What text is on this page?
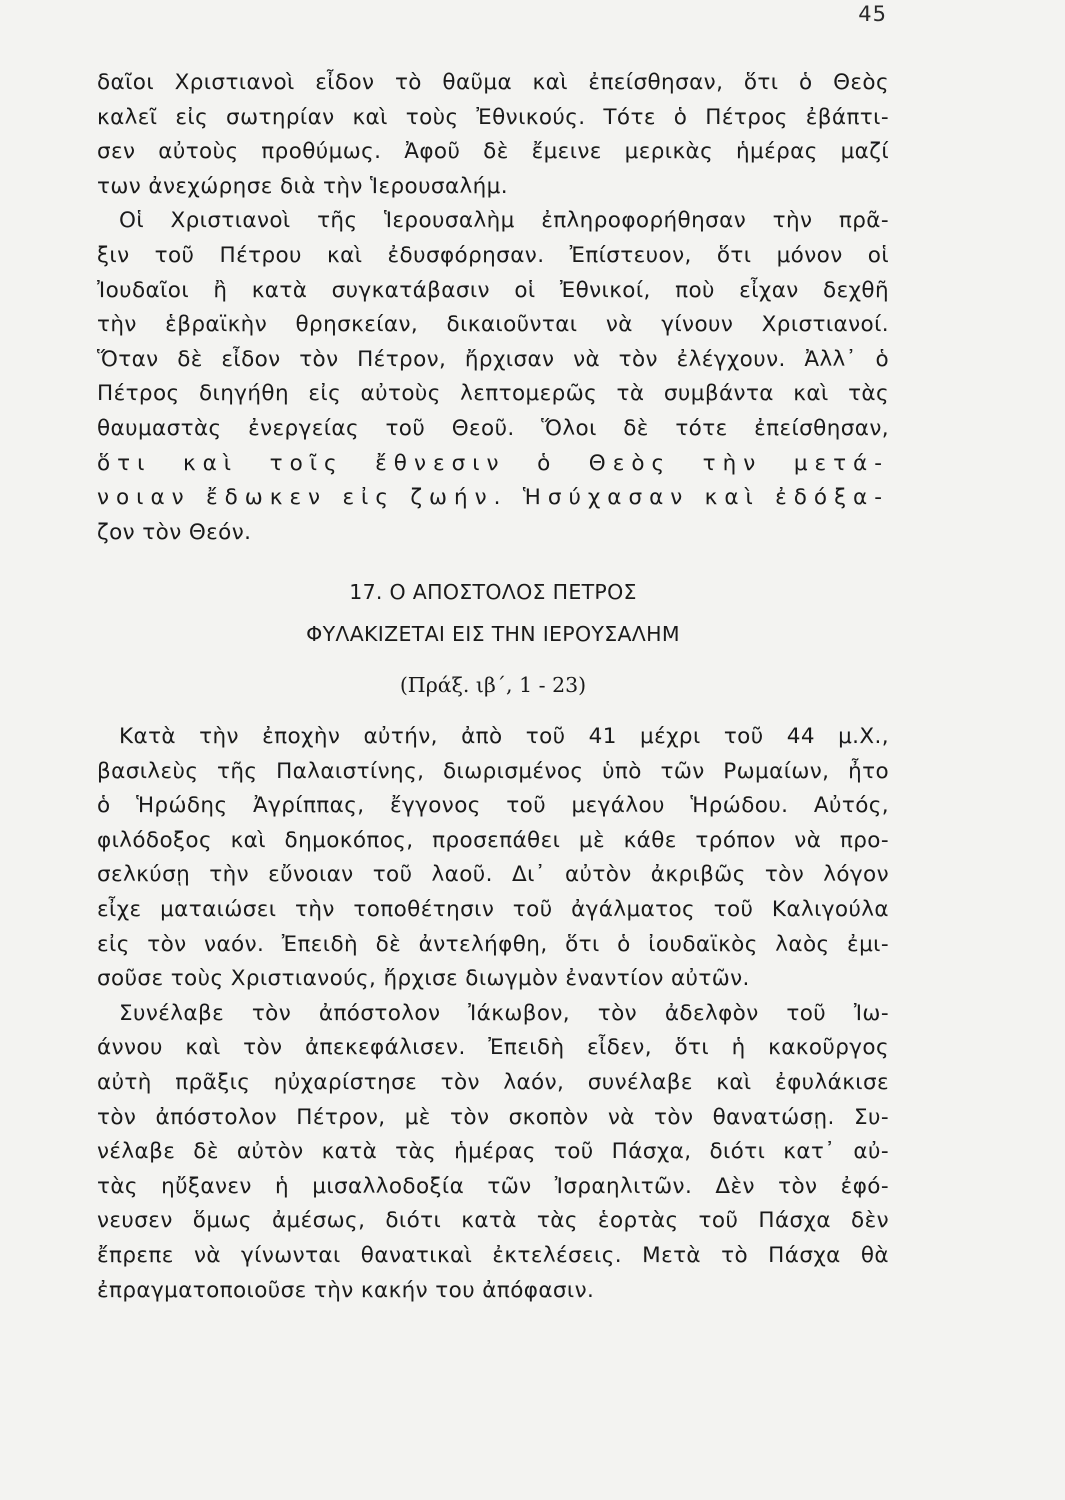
45
δαῖοι Χριστιανοὶ εἶδον τὸ θαῦμα καὶ ἐπείσθησαν, ὅτι ὁ Θεὸς
καλεῖ εἰς σωτηρίαν καὶ τοὺς Ἐθνικούς. Τότε ὁ Πέτρος ἐβάπτι-
σεν αὐτοὺς προθύμως. Ἀφοῦ δὲ ἔμεινε μερικὰς ἡμέρας μαζί
των ἀνεχώρησε διὰ τὴν Ἱερουσαλήμ.
Οἱ Χριστιανοὶ τῆς Ἱερουσαλὴμ ἐπληροφορήθησαν τὴν πρᾶ-
ξιν τοῦ Πέτρου καὶ ἐδυσφόρησαν. Ἐπίστευον, ὅτι μόνον οἱ
Ἰουδαῖοι ἢ κατὰ συγκατάβασιν οἱ Ἐθνικοί, ποὺ εἶχαν δεχθῆ
τὴν ἑβραϊκὴν θρησκείαν, δικαιοῦνται νὰ γίνουν Χριστιανοί.
Ὅταν δὲ εἶδον τὸν Πέτρον, ἤρχισαν νὰ τὸν ἐλέγχουν. Ἀλλ᾽ ὁ
Πέτρος διηγήθη εἰς αὐτοὺς λεπτομερῶς τὰ συμβάντα καὶ τὰς
θαυμαστὰς ἐνεργείας τοῦ Θεοῦ. Ὅλοι δὲ τότε ἐπείσθησαν,
ὅτι καὶ τοῖς ἔθνεσιν ὁ Θεὸς τὴν μετά-
νοιαν ἔδωκεν εἰς ζωήν. Ἡσύχασαν καὶ ἐδόξα-
ζον τὸν Θεόν.
17. Ο ΑΠΟΣΤΟΛΟΣ ΠΕΤΡΟΣ
ΦΥΛΑΚΙΖΕΤΑΙ ΕΙΣ ΤΗΝ ΙΕΡΟΥΣΑΛΗΜ
(Πράξ. ιβ΄, 1 - 23)
Κατὰ τὴν ἐποχὴν αὐτήν, ἀπὸ τοῦ 41 μέχρι τοῦ 44 μ.Χ.,
βασιλεὺς τῆς Παλαιστίνης, διωρισμένος ὑπὸ τῶν Ρωμαίων, ἦτο
ὁ Ἡρώδης Ἀγρίππας, ἔγγονος τοῦ μεγάλου Ἡρώδου. Αὐτός,
φιλόδοξος καὶ δημοκόπος, προσεπάθει μὲ κάθε τρόπον νὰ προ-
σελκύσῃ τὴν εὔνοιαν τοῦ λαοῦ. Δι᾽ αὐτὸν ἀκριβῶς τὸν λόγον
εἶχε ματαιώσει τὴν τοποθέτησιν τοῦ ἀγάλματος τοῦ Καλιγούλα
εἰς τὸν ναόν. Ἐπειδὴ δὲ ἀντελήφθη, ὅτι ὁ ἰουδαϊκὸς λαὸς ἐμι-
σοῦσε τοὺς Χριστιανούς, ἤρχισε διωγμὸν ἐναντίον αὐτῶν.
Συνέλαβε τὸν ἀπόστολον Ἰάκωβον, τὸν ἀδελφὸν τοῦ Ἰω-
άννου καὶ τὸν ἀπεκεφάλισεν. Ἐπειδὴ εἶδεν, ὅτι ἡ κακοῦργος
αὐτὴ πρᾶξις ηὐχαρίστησε τὸν λαόν, συνέλαβε καὶ ἐφυλάκισε
τὸν ἀπόστολον Πέτρον, μὲ τὸν σκοπὸν νὰ τὸν θανατώσῃ. Συ-
νέλαβε δὲ αὐτὸν κατὰ τὰς ἡμέρας τοῦ Πάσχα, διότι κατ᾽ αὐ-
τὰς ηὔξανεν ἡ μισαλλοδοξία τῶν Ἰσραηλιτῶν. Δὲν τὸν ἐφό-
νευσεν ὅμως ἀμέσως, διότι κατὰ τὰς ἑορτὰς τοῦ Πάσχα δὲν
ἔπρεπε νὰ γίνωνται θανατικαὶ ἐκτελέσεις. Μετὰ τὸ Πάσχα θὰ
ἐπραγματοποιοῦσε τὴν κακήν του ἀπόφασιν.
